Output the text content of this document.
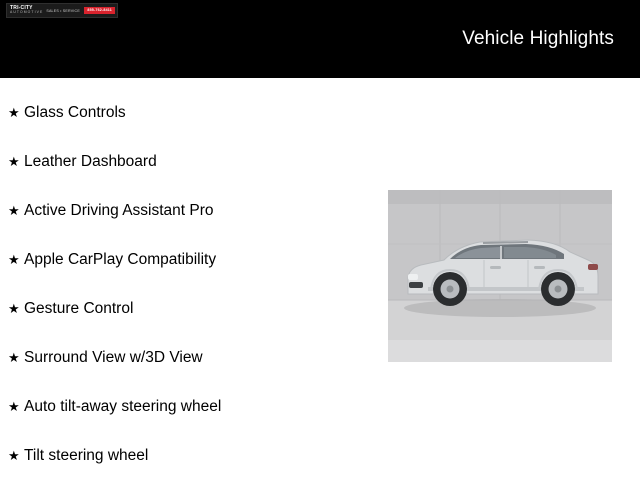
TRI-CITY
AUTOMOTIVE SALES • SERVICE	855-762-8411
Vehicle Highlights
★ Glass Controls
★ Leather Dashboard
★ Active Driving Assistant Pro
★ Apple CarPlay Compatibility
★ Gesture Control
★ Surround View w/3D View
★ Auto tilt-away steering wheel
★ Tilt steering wheel
